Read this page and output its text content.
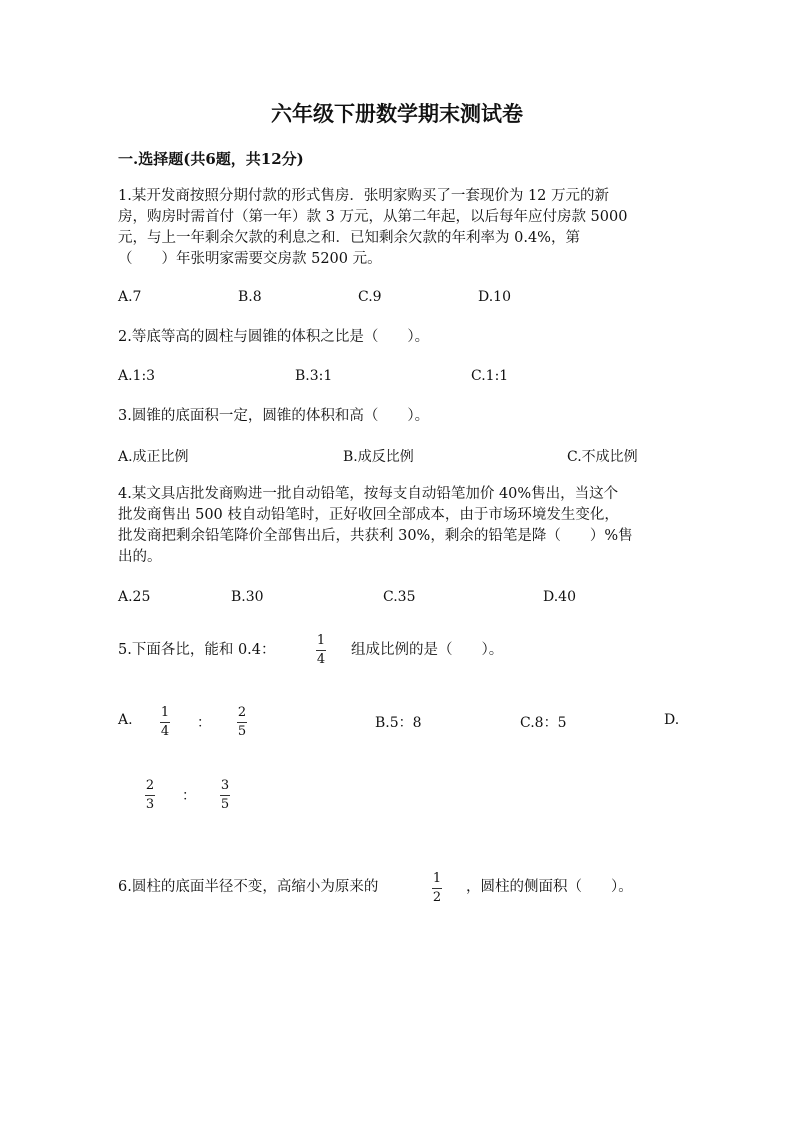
六年级下册数学期末测试卷
一.选择题(共6题，共12分)
1.某开发商按照分期付款的形式售房．张明家购买了一套现价为 12 万元的新
房，购房时需首付（第一年）款 3 万元，从第二年起，以后每年应付房款 5000
元，与上一年剩余欠款的利息之和．已知剩余欠款的年利率为 0.4%，第
（　　）年张明家需要交房款 5200 元。
A.7	B.8	C.9	D.10
2.等底等高的圆柱与圆锥的体积之比是（　　）。
A.1:3	B.3:1	C.1:1
3.圆锥的底面积一定，圆锥的体积和高（　　）。
A.成正比例	B.成反比例	C.不成比例
4.某文具店批发商购进一批自动铅笔，按每支自动铅笔加价 40%售出，当这个
批发商售出 500 枝自动铅笔时，正好收回全部成本，由于市场环境发生变化，
批发商把剩余铅笔降价全部售出后，共获利 30%，剩余的铅笔是降（　　）%售
出的。
A.25	B.30	C.35	D.40
5.下面各比，能和 0.4：
1
4
组成比例的是（　　）。
A. 1
4
：
2
5
B.5：8	C.8：5	D.
2
3
：
3
5
6.圆柱的底面半径不变，高缩小为原来的
1
2
，圆柱的侧面积（　　）。
